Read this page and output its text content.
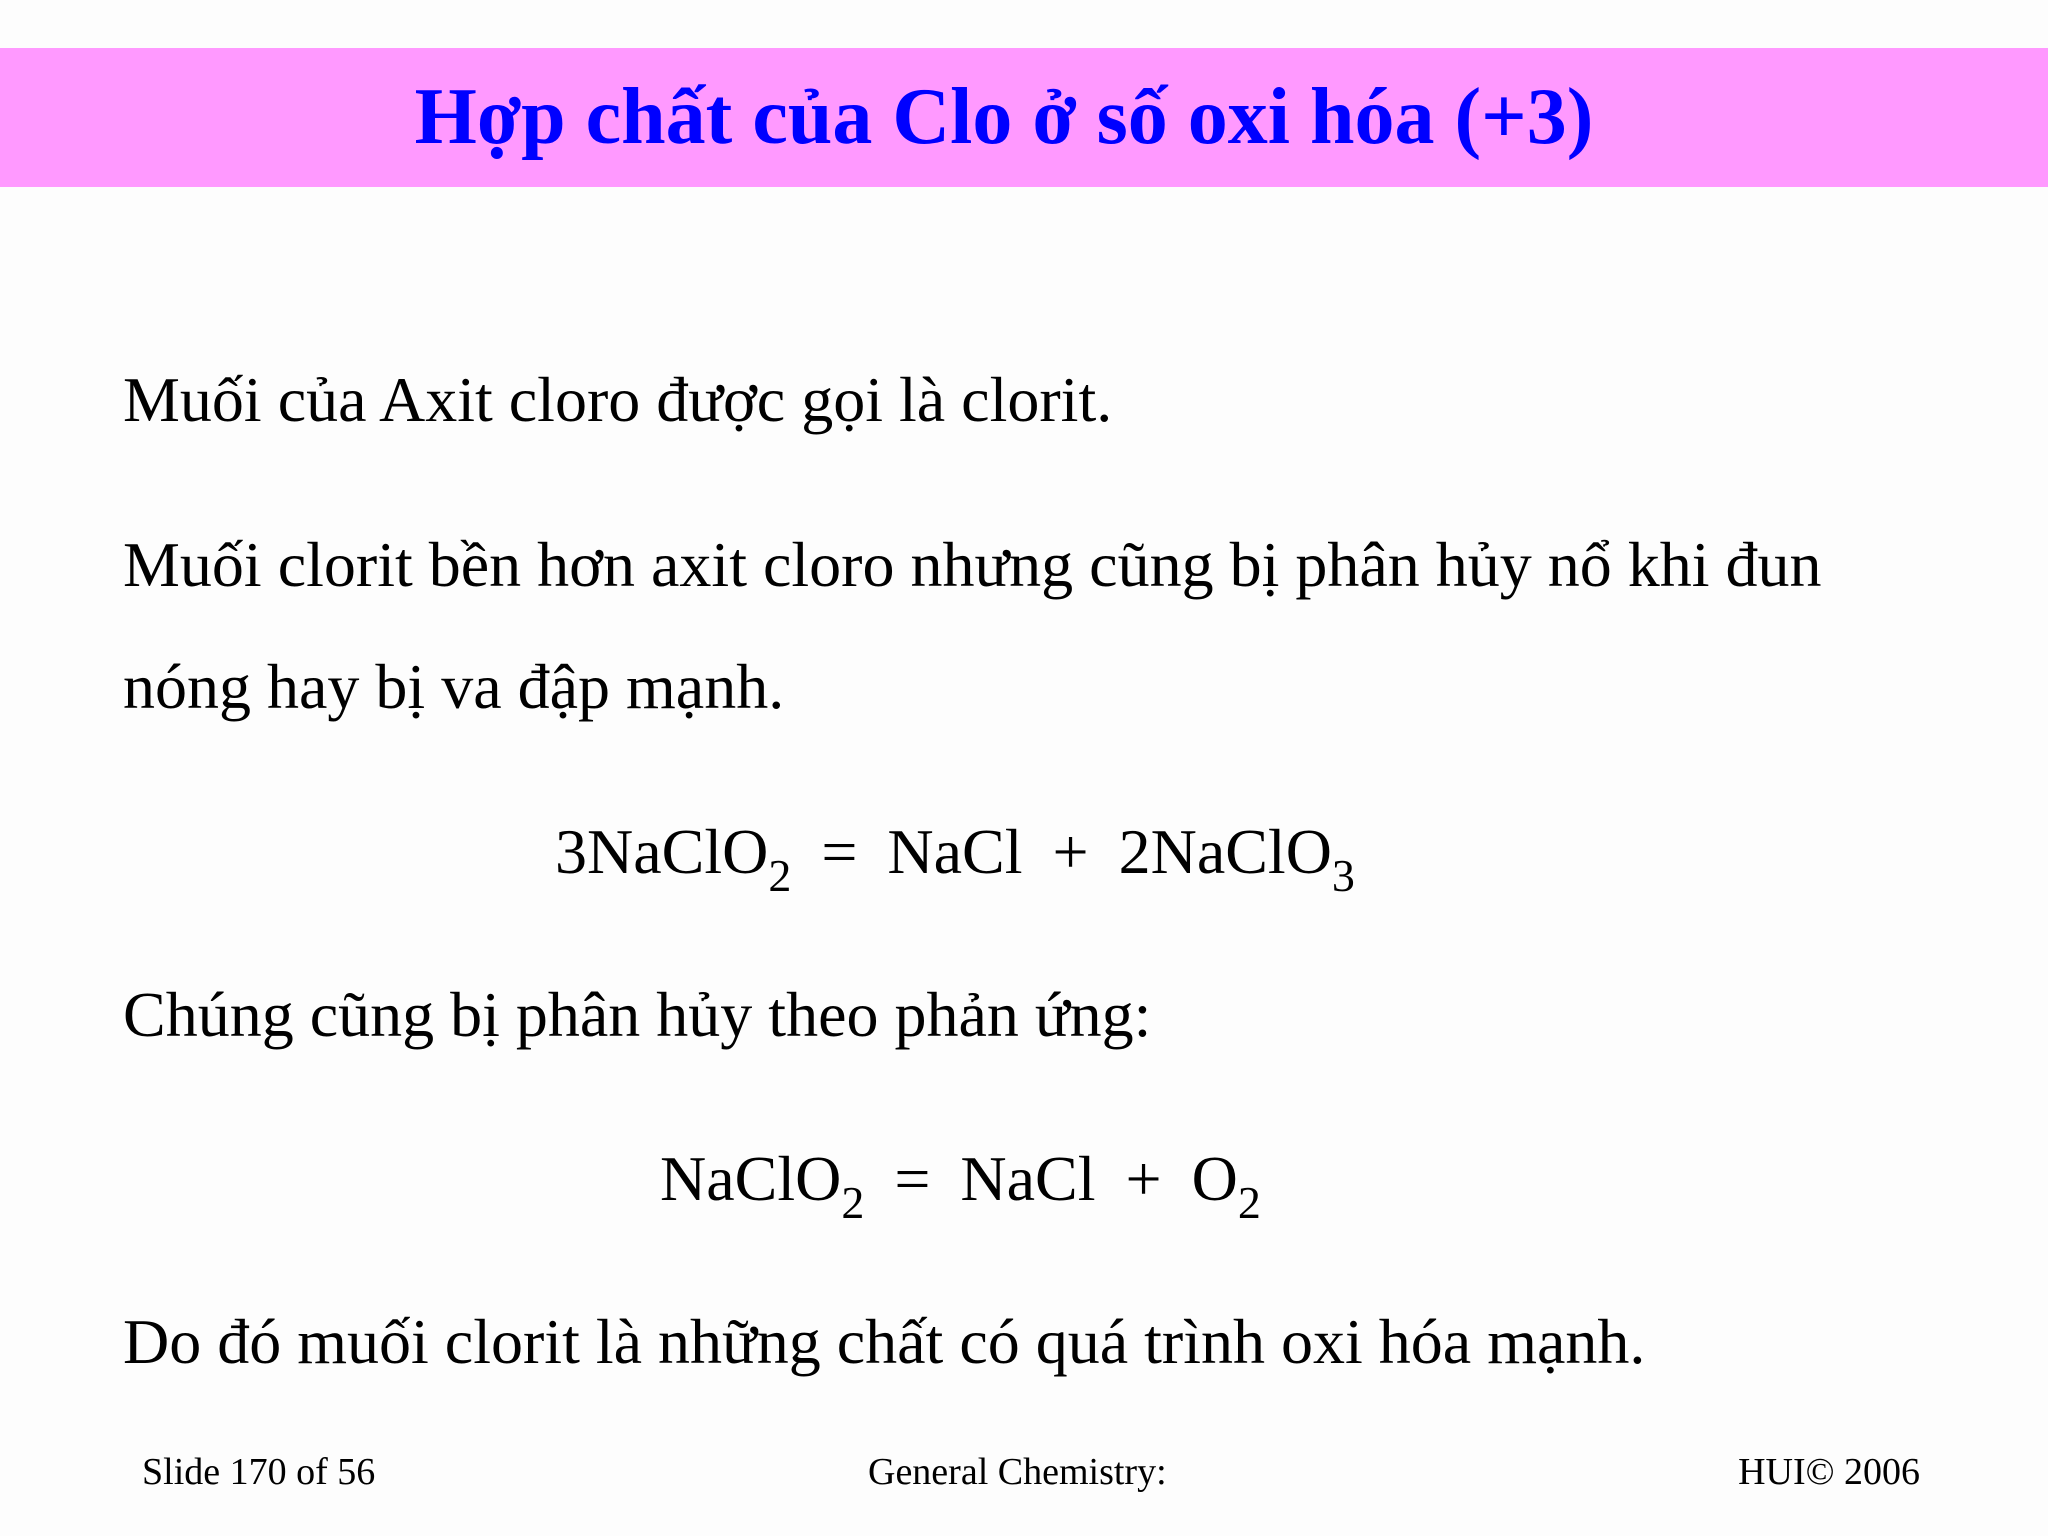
Hợp chất của Clo ở số oxi hóa (+3)

Muối của Axit cloro được gọi là clorit.

Muối clorit bền hơn axit cloro nhưng cũng bị phân hủy nổ khi đun

nóng hay bị va đập mạnh.

3NaClO 2 = NaCl + 2NaClO 3

Chúng cũng bị phân hủy theo phản ứng:

NaClO 2 = NaCl + O 2

Do đó muối clorit là những chất có quá trình oxi hóa mạnh.

Slide 170 of 56	General Chemistry:	HUI© 2006
